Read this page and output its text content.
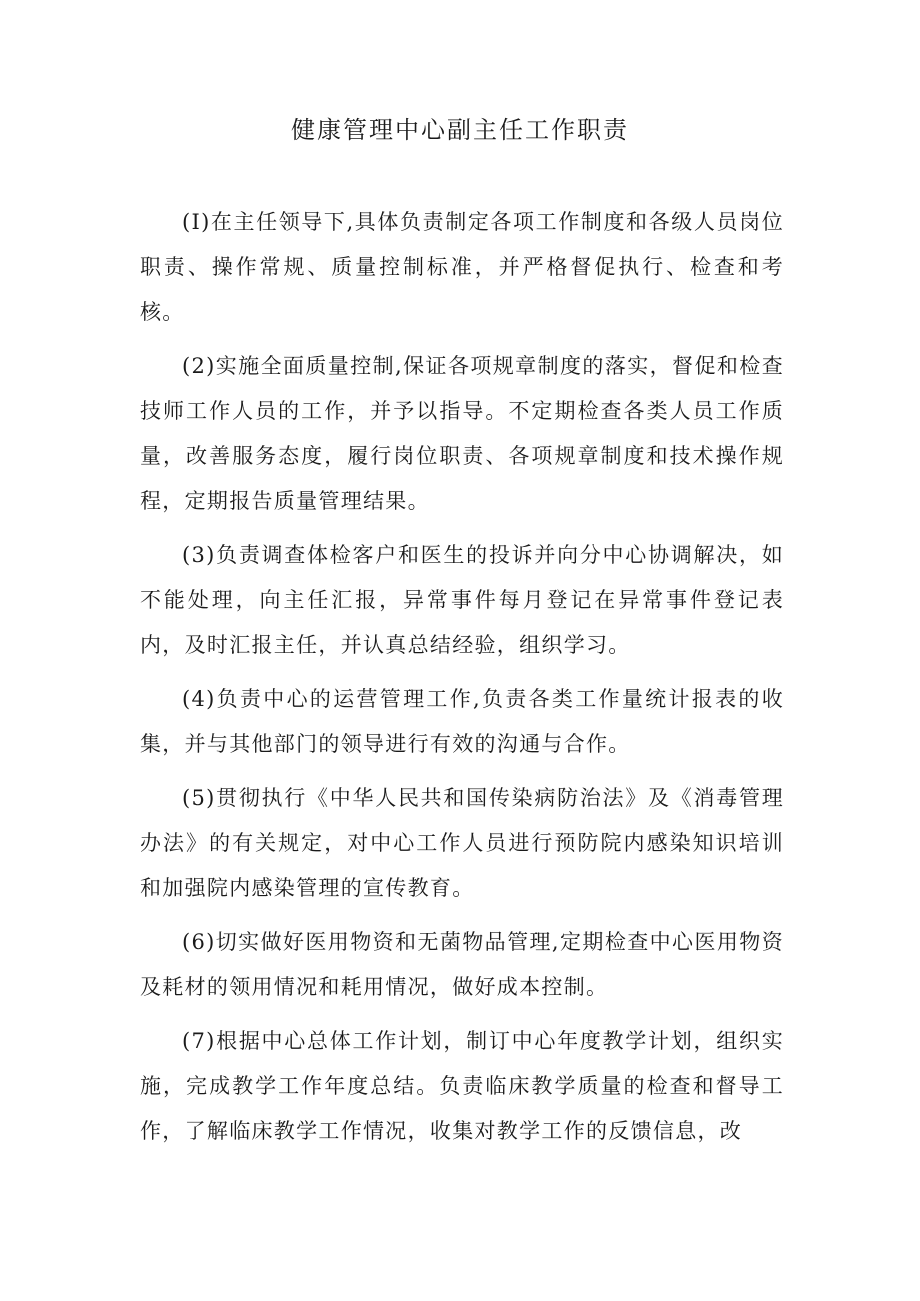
健康管理中心副主任工作职责

(I)在主任领导下,具体负责制定各项工作制度和各级人员岗位职责、操作常规、质量控制标准，并严格督促执行、检查和考核。

(2)实施全面质量控制,保证各项规章制度的落实，督促和检查技师工作人员的工作，并予以指导。不定期检查各类人员工作质量，改善服务态度，履行岗位职责、各项规章制度和技术操作规程，定期报告质量管理结果。

(3)负责调查体检客户和医生的投诉并向分中心协调解决，如不能处理，向主任汇报，异常事件每月登记在异常事件登记表内，及时汇报主任，并认真总结经验，组织学习。

(4)负责中心的运营管理工作,负责各类工作量统计报表的收集，并与其他部门的领导进行有效的沟通与合作。

(5)贯彻执行《中华人民共和国传染病防治法》及《消毒管理办法》的有关规定，对中心工作人员进行预防院内感染知识培训和加强院内感染管理的宣传教育。

(6)切实做好医用物资和无菌物品管理,定期检查中心医用物资及耗材的领用情况和耗用情况，做好成本控制。

(7)根据中心总体工作计划，制订中心年度教学计划，组织实施，完成教学工作年度总结。负责临床教学质量的检查和督导工作，了解临床教学工作情况，收集对教学工作的反馈信息，改
